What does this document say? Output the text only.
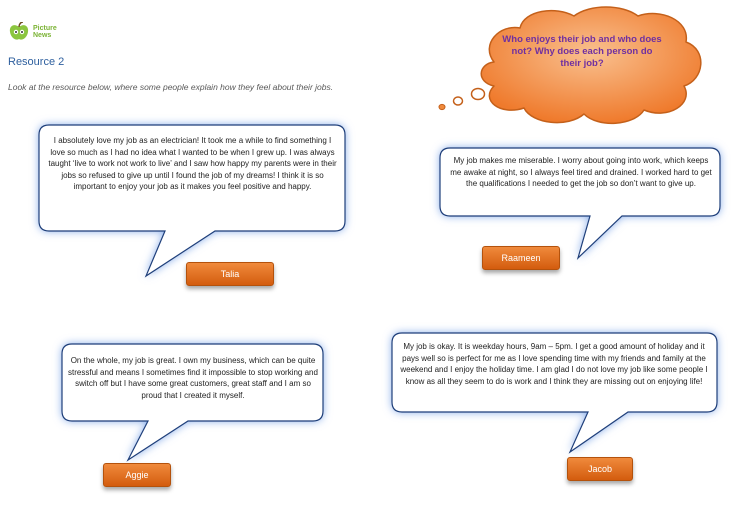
Picture
News
Resource 2
Look at the resource below, where some people explain how they feel about their jobs.

Who enjoys their job and who does not? Why does each person do their job?

I absolutely love my job as an electrician! It took me a while to find something I love so much as I had no idea what I wanted to be when I grew up. I was always taught ‘live to work not work to live’ and I saw how happy my parents were in their jobs so refused to give up until I found the job of my dreams! I think it is so important to enjoy your job as it makes you feel positive and happy.

My job makes me miserable. I worry about going into work, which keeps me awake at night, so I always feel tired and drained. I worked hard to get the qualifications I needed to get the job so don’t want to give up.

On the whole, my job is great. I own my business, which can be quite stressful and means I sometimes find it impossible to stop working and switch off but I have some great customers, great staff and I am so proud that I created it myself.

My job is okay. It is weekday hours, 9am – 5pm. I get a good amount of holiday and it pays well so is perfect for me as I love spending time with my friends and family at the weekend and I enjoy the holiday time. I am glad I do not love my job like some people I know as all they seem to do is work and I think they are missing out on enjoying life!

Talia
Raameen
Aggie
Jacob
